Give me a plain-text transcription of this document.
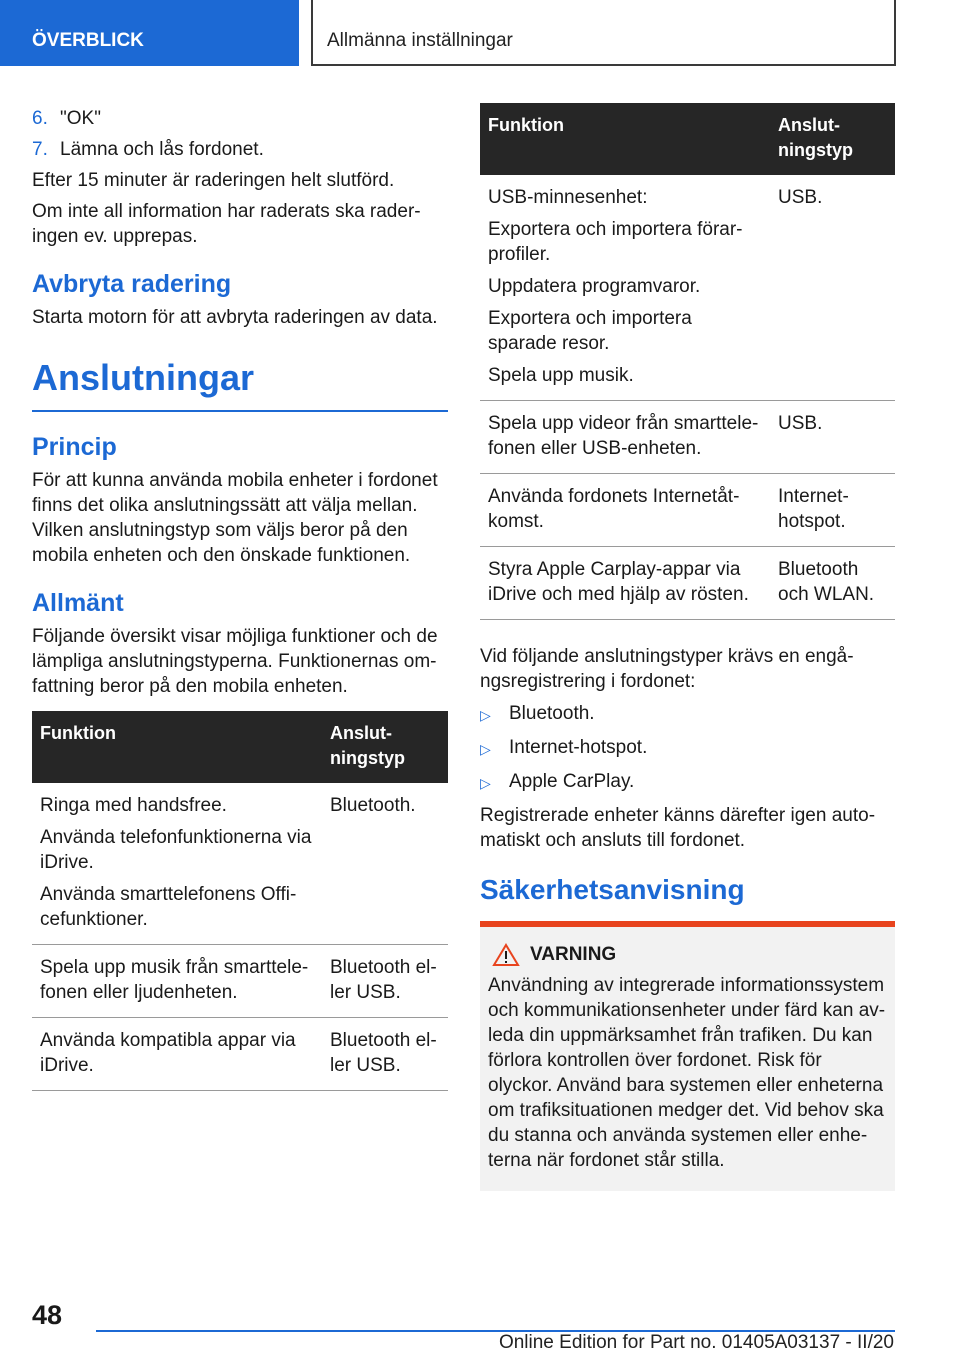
ÖVERBLICK	Allmänna inställningar
6. "OK"
7. Lämna och lås fordonet.

Efter 15 minuter är raderingen helt slutförd.

Om inte all information har raderats ska raderingen ev. upprepas.

Avbryta radering

Starta motorn för att avbryta raderingen av data.

Anslutningar
Princip

För att kunna använda mobila enheter i fordonet finns det olika anslutningssätt att välja mellan. Vilken anslutningstyp som väljs beror på den mobila enheten och den önskade funktionen.

Allmänt

Följande översikt visar möjliga funktioner och de lämpliga anslutningstyperna. Funktionernas omfattning beror på den mobila enheten.

Funktion	Anslutningstyp

Ringa med handsfree.

Använda telefonfunktionerna via iDrive.

Använda smarttelefonens Officefunktioner.	Bluetooth.

Spela upp musik från smarttelefonen eller ljudenheten.	Bluetooth eller USB.

Använda kompatibla appar via iDrive.	Bluetooth eller USB.
Funktion	Anslutningstyp

USB-minnesenhet:

Exportera och importera förarprofiler.

Uppdatera programvaror.

Exportera och importera sparade resor.

Spela upp musik.	USB.

Spela upp videor från smarttelefonen eller USB-enheten.	USB.

Använda fordonets Internetåtkomst.	Internethotspot.

Styra Apple Carplay-appar via iDrive och med hjälp av rösten.	Bluetooth och WLAN.

Vid följande anslutningstyper krävs en engångsregistrering i fordonet:

▷ Bluetooth.
▷ Internet-hotspot.
▷ Apple CarPlay.

Registrerade enheter känns därefter igen automatiskt och ansluts till fordonet.

Säkerhetsanvisning
VARNING

Användning av integrerade informationssystem och kommunikationsenheter under färd kan avleda din uppmärksamhet från trafiken. Du kan förlora kontrollen över fordonet. Risk för olyckor. Använd bara systemen eller enheterna om trafiksituationen medger det. Vid behov ska du stanna och använda systemen eller enheterna när fordonet står stilla.

48
Online Edition for Part no. 01405A03137 - II/20
